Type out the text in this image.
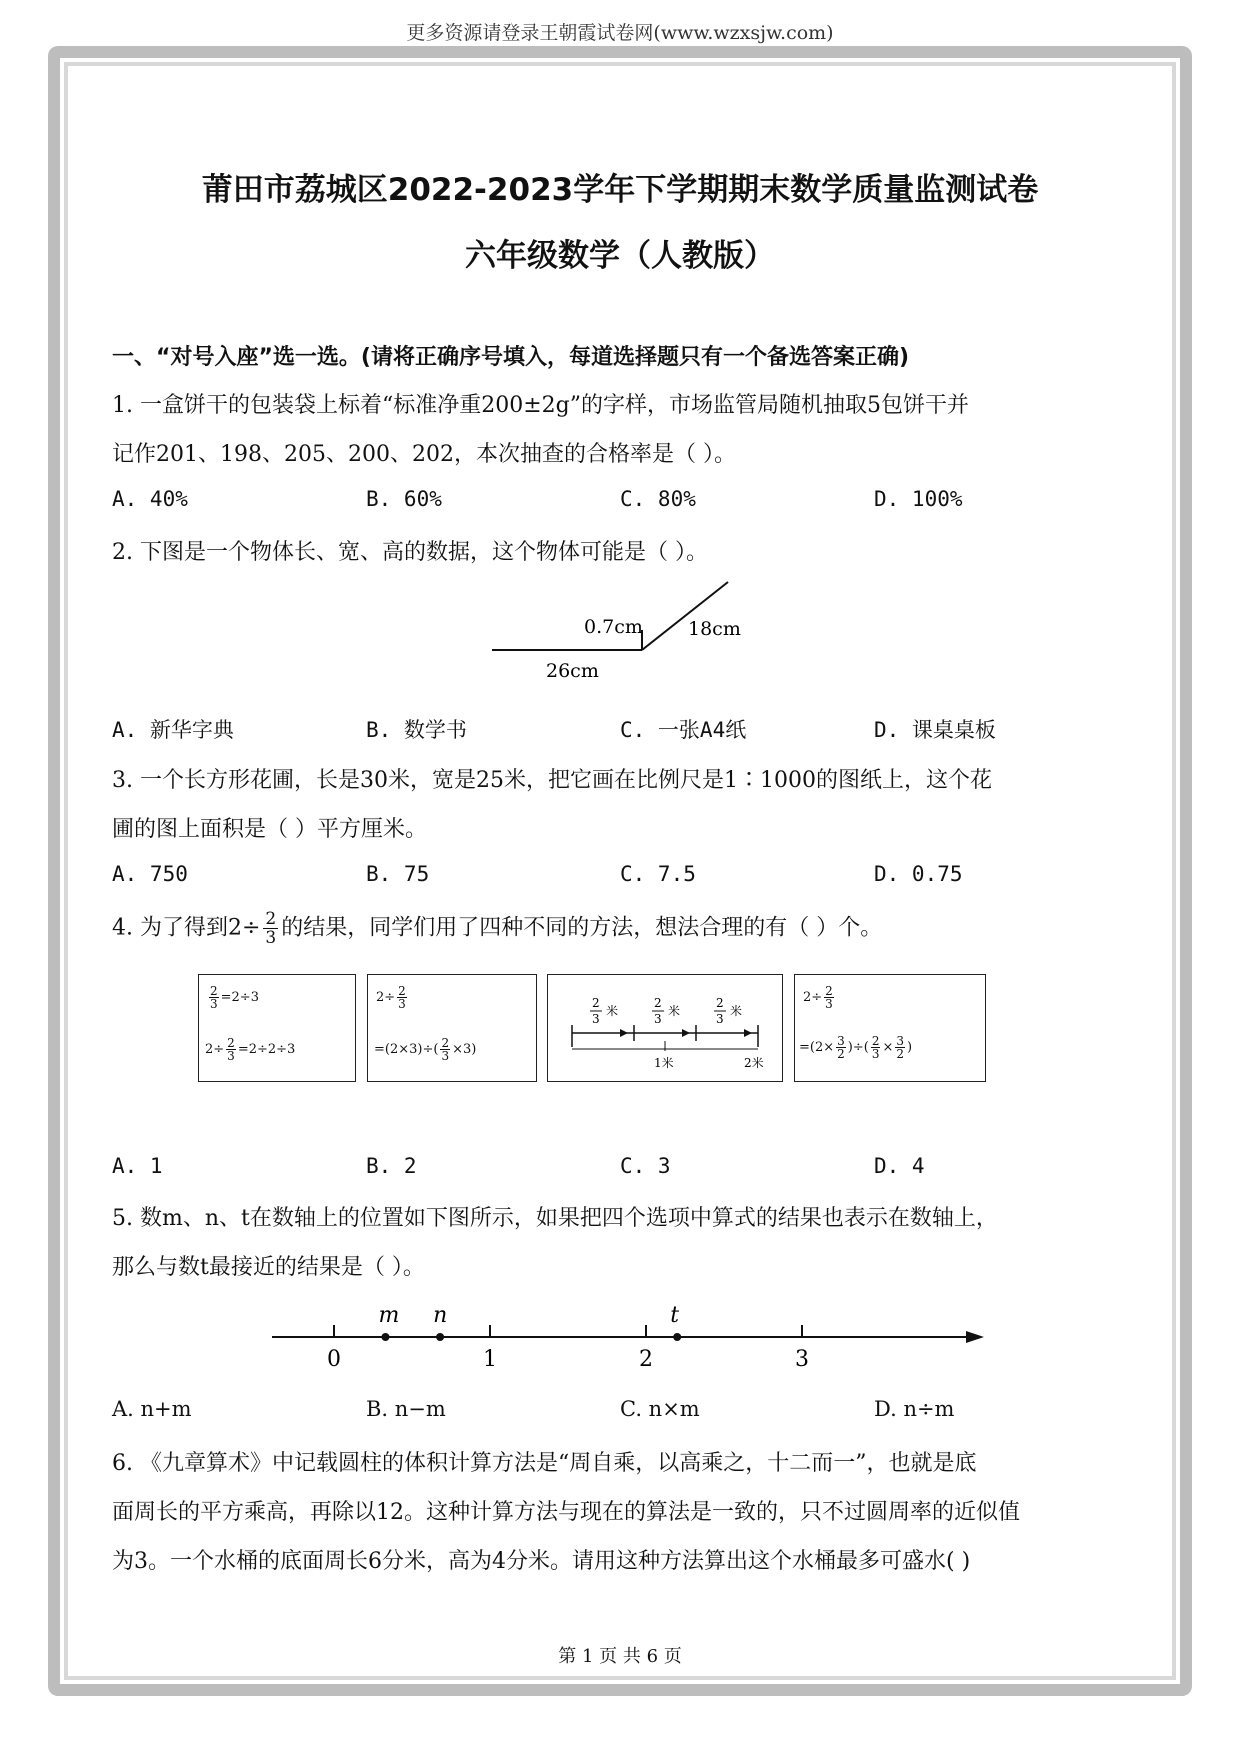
更多资源请登录王朝霞试卷网(www.wzxsjw.com)
莆田市荔城区2022-2023学年下学期期末数学质量监测试卷
六年级数学（人教版）
一、“对号入座”选一选。(请将正确序号填入，每道选择题只有一个备选答案正确)
1. 一盒饼干的包装袋上标着“标准净重200±2g”的字样，市场监管局随机抽取5包饼干并
记作201、198、205、200、202，本次抽查的合格率是（ ）。
A. 40%	B. 60%	C. 80%	D. 100%
2. 下图是一个物体长、宽、高的数据，这个物体可能是（ ）。
0.7cm 18cm
26cm
A. 新华字典	B. 数学书	C. 一张A4纸	D. 课桌桌板
3. 一个长方形花圃，长是30米，宽是25米，把它画在比例尺是1∶1000的图纸上，这个花
圃的图上面积是（ ）平方厘米。
A. 750	B. 75	C. 7.5	D. 0.75
4. 为了得到$2\div \frac{2}{3}$ 的结果，同学们用了四种不同的方法，想法合理的有（ ）个。
$\frac{2}{3} =2\div 3$
$2\div \frac{2}{3} =2\div 2\div 3$
$2\div \frac{2}{3}$
$=(2\times 3)\div( \frac{2}{3} \times 3)$
2
3
米
2
3
米
2
3
米
1米	2米
$2\div \frac{2}{3}$
$=(2\times \frac{3}{2}$ )÷( $\frac{2}{3} \times \frac{3}{2}$ )
A. 1	B. 2	C. 3	D. 4
5. 数m、n、t在数轴上的位置如下图所示，如果把四个选项中算式的结果也表示在数轴上，
那么与数t最接近的结果是（ ）。
0	1	2	3
m n	t
A. n+m	B. n−m	C. n×m	D. n÷m
6. 《九章算术》中记载圆柱的体积计算方法是“周自乘，以高乘之，十二而一”，也就是底
面周长的平方乘高，再除以12。这种计算方法与现在的算法是一致的，只不过圆周率的近似值
为3。一个水桶的底面周长6分米，高为4分米。请用这种方法算出这个水桶最多可盛水( )
第 1 页 共 6 页
